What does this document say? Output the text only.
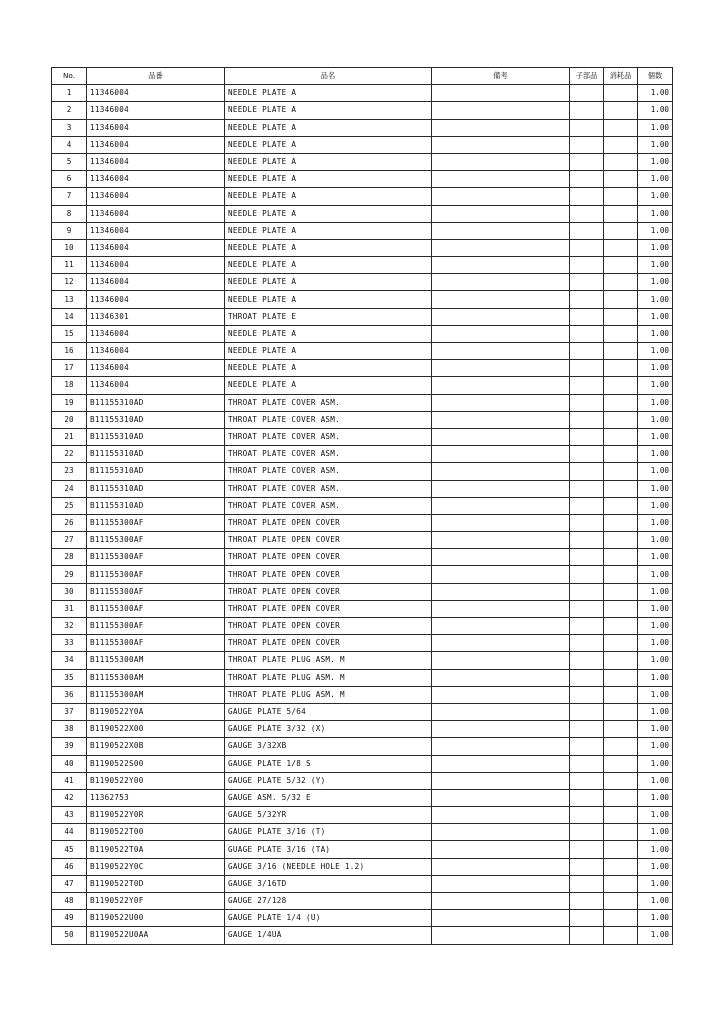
No.	品番	品名	備考	子部品	消耗品	個数
1	11346004	NEEDLE PLATE A				1.00
2	11346004	NEEDLE PLATE A				1.00
3	11346004	NEEDLE PLATE A				1.00
4	11346004	NEEDLE PLATE A				1.00
5	11346004	NEEDLE PLATE A				1.00
6	11346004	NEEDLE PLATE A				1.00
7	11346004	NEEDLE PLATE A				1.00
8	11346004	NEEDLE PLATE A				1.00
9	11346004	NEEDLE PLATE A				1.00
10	11346004	NEEDLE PLATE A				1.00
11	11346004	NEEDLE PLATE A				1.00
12	11346004	NEEDLE PLATE A				1.00
13	11346004	NEEDLE PLATE A				1.00
14	11346301	THROAT PLATE E				1.00
15	11346004	NEEDLE PLATE A				1.00
16	11346004	NEEDLE PLATE A				1.00
17	11346004	NEEDLE PLATE A				1.00
18	11346004	NEEDLE PLATE A				1.00
19	B11155310AD	THROAT PLATE COVER ASM.				1.00
20	B11155310AD	THROAT PLATE COVER ASM.				1.00
21	B11155310AD	THROAT PLATE COVER ASM.				1.00
22	B11155310AD	THROAT PLATE COVER ASM.				1.00
23	B11155310AD	THROAT PLATE COVER ASM.				1.00
24	B11155310AD	THROAT PLATE COVER ASM.				1.00
25	B11155310AD	THROAT PLATE COVER ASM.				1.00
26	B11155300AF	THROAT PLATE OPEN COVER				1.00
27	B11155300AF	THROAT PLATE OPEN COVER				1.00
28	B11155300AF	THROAT PLATE OPEN COVER				1.00
29	B11155300AF	THROAT PLATE OPEN COVER				1.00
30	B11155300AF	THROAT PLATE OPEN COVER				1.00
31	B11155300AF	THROAT PLATE OPEN COVER				1.00
32	B11155300AF	THROAT PLATE OPEN COVER				1.00
33	B11155300AF	THROAT PLATE OPEN COVER				1.00
34	B11155300AM	THROAT PLATE PLUG ASM. M				1.00
35	B11155300AM	THROAT PLATE PLUG ASM. M				1.00
36	B11155300AM	THROAT PLATE PLUG ASM. M				1.00
37	B1190522Y0A	GAUGE PLATE 5/64				1.00
38	B1190522X00	GAUGE PLATE 3/32 (X)				1.00
39	B1190522X0B	GAUGE 3/32XB				1.00
40	B1190522S00	GAUGE PLATE 1/8 S				1.00
41	B1190522Y00	GAUGE PLATE 5/32 (Y)				1.00
42	11362753	GAUGE ASM. 5/32 E				1.00
43	B1190522Y0R	GAUGE 5/32YR				1.00
44	B1190522T00	GAUGE PLATE 3/16 (T)				1.00
45	B1190522T0A	GUAGE PLATE 3/16 (TA)				1.00
46	B1190522Y0C	GAUGE 3/16 (NEEDLE HOLE 1.2)				1.00
47	B1190522T0D	GAUGE 3/16TD				1.00
48	B1190522Y0F	GAUGE 27/128				1.00
49	B1190522U00	GAUGE PLATE 1/4 (U)				1.00
50	B1190522U0AA	GAUGE 1/4UA				1.00
